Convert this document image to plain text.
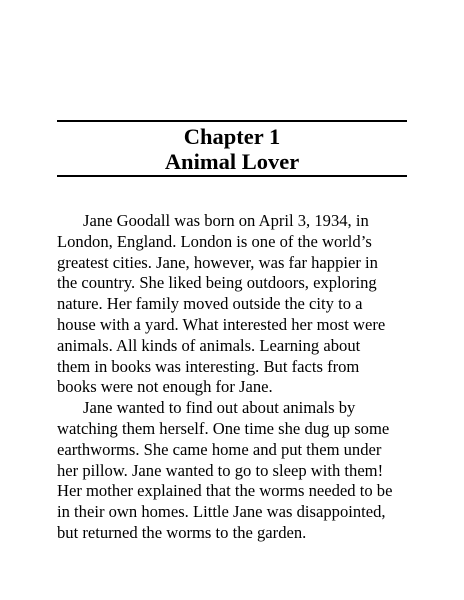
Chapter 1
Animal Lover
Jane Goodall was born on April 3, 1934, in
London, England. London is one of the world’s
greatest cities. Jane, however, was far happier in
the country. She liked being outdoors, exploring
nature. Her family moved outside the city to a
house with a yard. What interested her most were
animals. All kinds of animals. Learning about
them in books was interesting. But facts from
books were not enough for Jane.
Jane wanted to find out about animals by
watching them herself. One time she dug up some
earthworms. She came home and put them under
her pillow. Jane wanted to go to sleep with them!
Her mother explained that the worms needed to be
in their own homes. Little Jane was disappointed,
but returned the worms to the garden.
